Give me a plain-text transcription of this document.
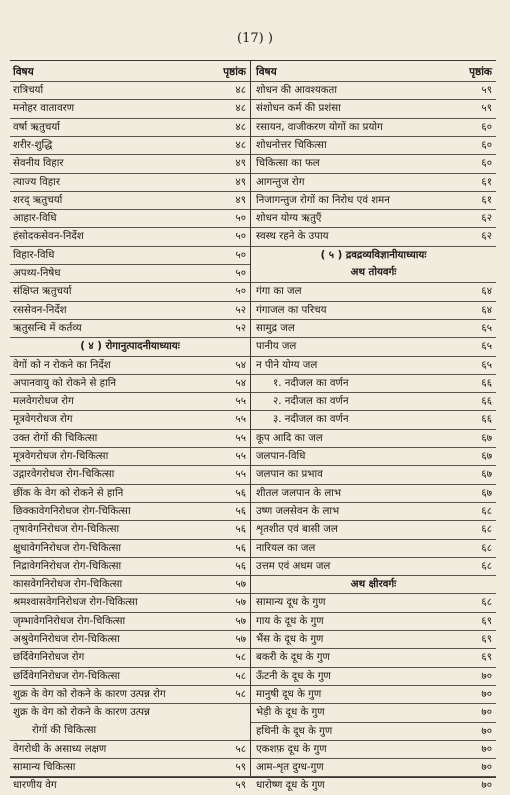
(17) )
विषय	पृष्ठांक
रात्रिचर्या	४८
मनोहर वातावरण	४८
वर्षा ऋतुचर्या	४८
शरीर-शुद्धि	४८
सेवनीय विहार	४९
त्याज्य विहार	४९
शरद् ऋतुचर्या	४९
आहार-विधि	५०
हंसोदकसेवन-निर्देश	५०
विहार-विधि	५०
अपथ्य-निषेध	५०
संक्षिप्त ऋतुचर्या	५०
रससेवन-निर्देश	५२
ऋतुसन्धि में कर्तव्य	५२
( ४ ) रोगानुत्पादनीयाध्यायः
वेगों को न रोकने का निर्देश	५४
अपानवायु को रोकने से हानि	५४
मलवेगरोधज रोग	५५
मूत्रवेगरोधज रोग	५५
उक्त रोगों की चिकित्सा	५५
मूत्रवेगरोधज रोग-चिकित्सा	५५
उद्गारवेगरोधज रोग-चिकित्सा	५५
छींक के वेग को रोकने से हानि	५६
छिक्कावेगनिरोधज रोग-चिकित्सा	५६
तृषावेगनिरोधज रोग-चिकित्सा	५६
क्षुधावेगनिरोधज रोग-चिकित्सा	५६
निद्रावेगनिरोधज रोग-चिकित्सा	५६
कासवेगनिरोधज रोग-चिकित्सा	५७
श्रमश्वासवेगनिरोधज रोग-चिकित्सा	५७
जृम्भावेगनिरोधज रोग-चिकित्सा	५७
अश्रुवेगनिरोधज रोग-चिकित्सा	५७
छर्दिवेगनिरोधज रोग	५८
छर्दिवेगनिरोधज रोग-चिकित्सा	५८
शुक्र के वेग को रोकने के कारण उत्पन्न रोग	५८
शुक्र के वेग को रोकने के कारण उत्पन्न
रोगों की चिकित्सा
वेगरोधी के असाध्य लक्षण	५८
सामान्य चिकित्सा	५९
धारणीय वेग	५९
विषय	पृष्ठांक
शोधन की आवश्यकता	५९
संशोधन कर्म की प्रशंसा	५९
रसायन, वाजीकरण योगों का प्रयोग	६०
शोधनोत्तर चिकित्सा	६०
चिकित्सा का फल	६०
आगन्तुज रोग	६१
निजागन्तुज रोगों का निरोध एवं शमन	६१
शोधन योग्य ऋतुएँ	६२
स्वस्थ रहने के उपाय	६२
( ५ ) द्रवद्रव्यविज्ञानीयाध्यायः
अथ तोयवर्गः
गंगा का जल	६४
गंगाजल का परिचय	६४
सामुद्र जल	६५
पानीय जल	६५
न पीने योग्य जल	६५
१. नदीजल का वर्णन	६६
२. नदीजल का वर्णन	६६
३. नदीजल का वर्णन	६६
कूप आदि का जल	६७
जलपान-विधि	६७
जलपान का प्रभाव	६७
शीतल जलपान के लाभ	६७
उष्ण जलसेवन के लाभ	६८
शृतशीत एवं बासी जल	६८
नारियल का जल	६८
उत्तम एवं अधम जल	६८
अथ क्षीरवर्गः
सामान्य दूध के गुण	६८
गाय के दूध के गुण	६९
भैंस के दूध के गुण	६९
बकरी के दूध के गुण	६९
ऊँटनी के दूध के गुण	७०
मानुषी दूध के गुण	७०
भेड़ी के दूध के गुण	७०
हथिनी के दूध के गुण	७०
एकशफ़ दूध के गुण	७०
आम-शृत दुग्ध-गुण	७०
धारोष्ण दूध के गुण	७०
